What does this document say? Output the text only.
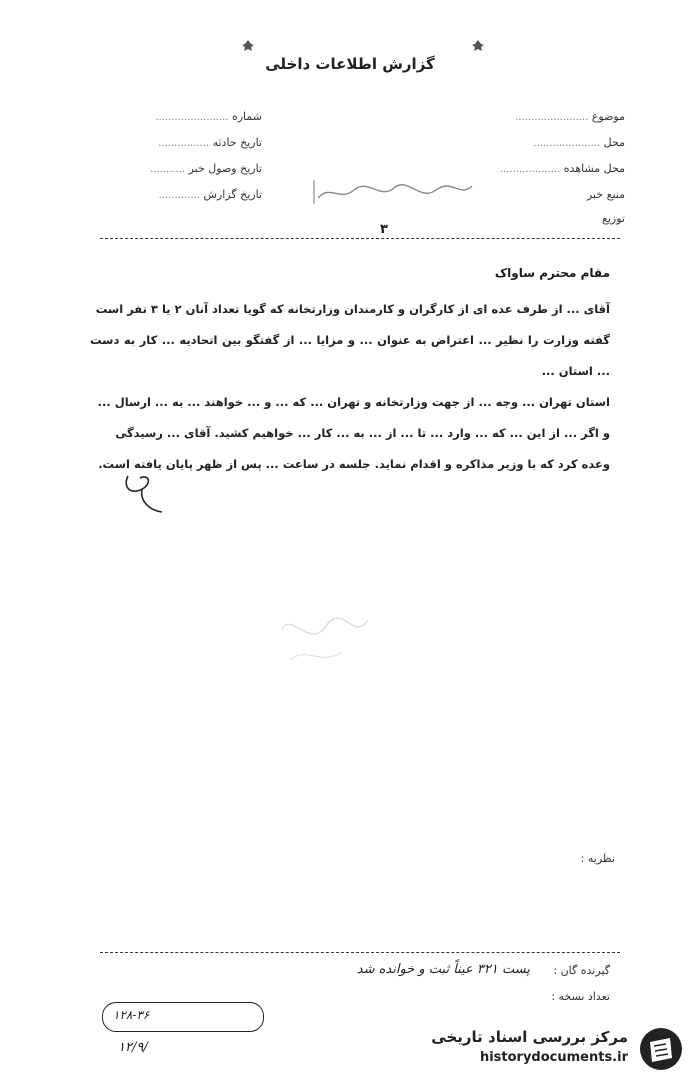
گزارش اطلاعات داخلی
موضوع .......................
محل .....................
محل مشاهده ...................
منبع خبر
توزیع
شماره .......................
تاریخ حادثه ................
تاریخ وصول خبر ...........
تاریخ گزارش .............
۳
مقام محترم ساواک

آقای ... از طرف عده ای از کارگران و کارمندان وزارتخانه که گویا تعداد آنان ۲ یا ۳ نفر است

گفته وزارت را نظیر ... اعتراض به عنوان ... و مزایا ... از گفتگو بین اتحادیه ... کار به دست ... استان ...

استان تهران ... وجه ... از جهت وزارتخانه و تهران ... که ... و ... خواهند ... به ... ارسال ...

و اگر ... از این ... که ... وارد ... تا ... از ... به ... کار ... خواهیم کشید. آقای ... رسیدگی

وعده کرد که با وزیر مذاکره و اقدام نماید. جلسه در ساعت ... پس از ظهر پایان یافته است.

نظریه :
گیرنده گان :
تعداد نسخه :
پست ۳۲۱ عیناً ثبت و خوانده شد
۱۲۸-۳۶
۱۲/۹/
مرکز بررسی اسناد تاریخی
historydocuments.ir
